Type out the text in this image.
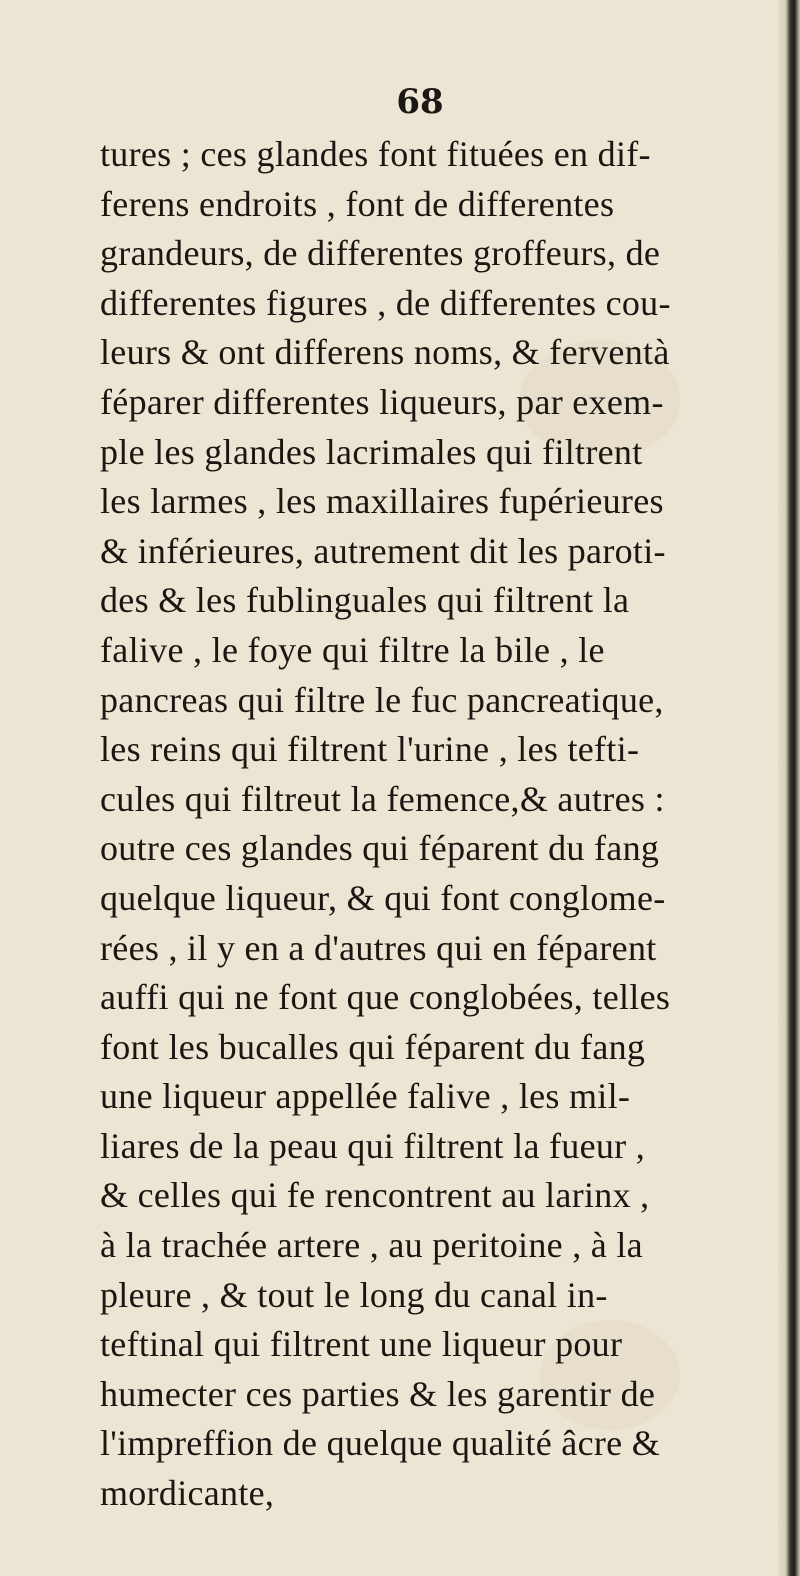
68
tures ; ces glandes font fituées en dif-
ferens endroits , font de differentes
grandeurs, de differentes groffeurs, de
differentes figures , de differentes cou-
leurs & ont differens noms, & ferventà
féparer differentes liqueurs, par exem-
ple les glandes lacrimales qui filtrent
les larmes , les maxillaires fupérieures
& inférieures, autrement dit les paroti-
des & les fublinguales qui filtrent la
falive , le foye qui filtre la bile , le
pancreas qui filtre le fuc pancreatique,
les reins qui filtrent l'urine , les tefti-
cules qui filtreut la femence,& autres :
outre ces glandes qui féparent du fang
quelque liqueur, & qui font conglome-
rées , il y en a d'autres qui en féparent
auffi qui ne font que conglobées, telles
font les bucalles qui féparent du fang
une liqueur appellée falive , les mil-
liares de la peau qui filtrent la fueur ,
& celles qui fe rencontrent au larinx ,
à la trachée artere , au peritoine , à la
pleure , & tout le long du canal in-
teftinal qui filtrent une liqueur pour
humecter ces parties & les garentir de
l'impreffion de quelque qualité âcre &
mordicante,
